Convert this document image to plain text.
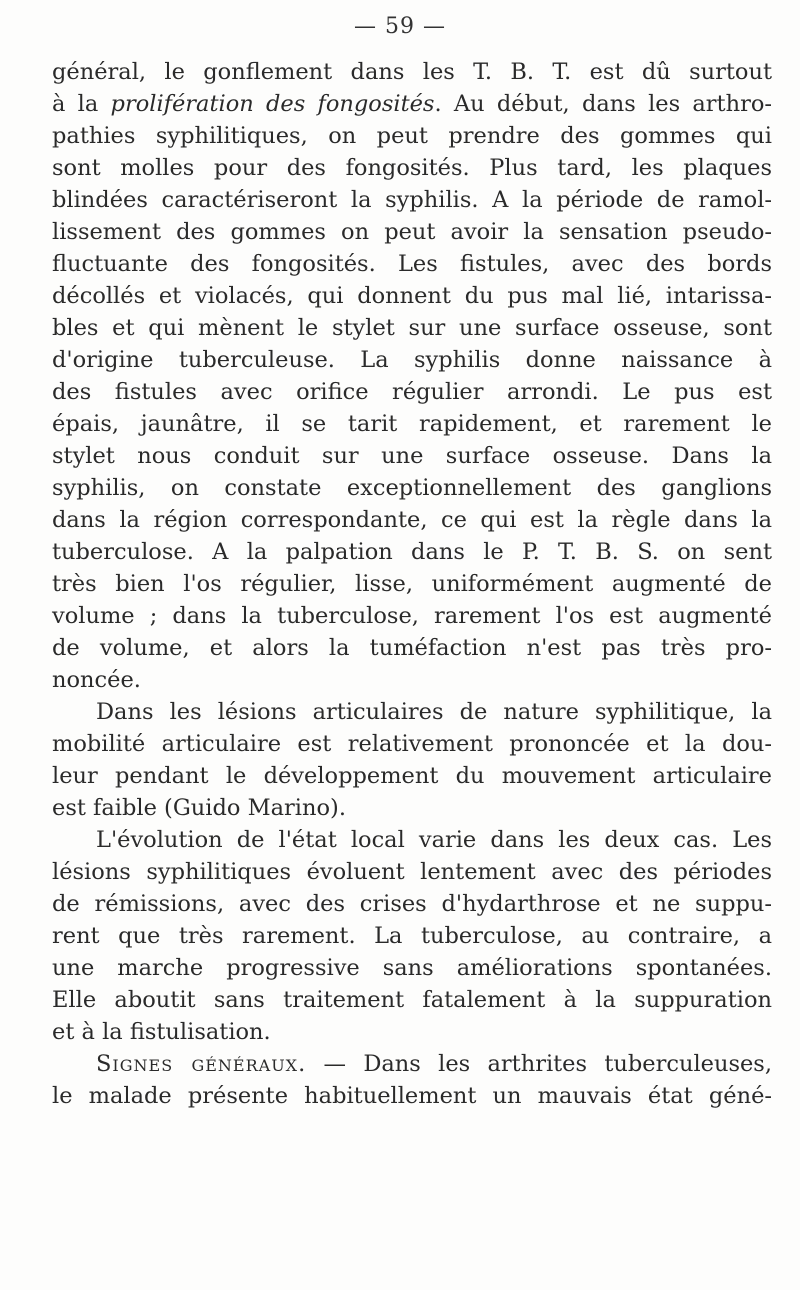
— 59 —
général, le gonflement dans les T. B. T. est dû surtout
à la prolifération des fongosités. Au début, dans les arthro-
pathies syphilitiques, on peut prendre des gommes qui
sont molles pour des fongosités. Plus tard, les plaques
blindées caractériseront la syphilis. A la période de ramol-
lissement des gommes on peut avoir la sensation pseudo-
fluctuante des fongosités. Les fistules, avec des bords
décollés et violacés, qui donnent du pus mal lié, intarissa-
bles et qui mènent le stylet sur une surface osseuse, sont
d'origine tuberculeuse. La syphilis donne naissance à
des fistules avec orifice régulier arrondi. Le pus est
épais, jaunâtre, il se tarit rapidement, et rarement le
stylet nous conduit sur une surface osseuse. Dans la
syphilis, on constate exceptionnellement des ganglions
dans la région correspondante, ce qui est la règle dans la
tuberculose. A la palpation dans le P. T. B. S. on sent
très bien l'os régulier, lisse, uniformément augmenté de
volume ; dans la tuberculose, rarement l'os est augmenté
de volume, et alors la tuméfaction n'est pas très pro-
noncée.
Dans les lésions articulaires de nature syphilitique, la
mobilité articulaire est relativement prononcée et la dou-
leur pendant le développement du mouvement articulaire
est faible (Guido Marino).
L'évolution de l'état local varie dans les deux cas. Les
lésions syphilitiques évoluent lentement avec des périodes
de rémissions, avec des crises d'hydarthrose et ne suppu-
rent que très rarement. La tuberculose, au contraire, a
une marche progressive sans améliorations spontanées.
Elle aboutit sans traitement fatalement à la suppuration
et à la fistulisation.
Signes généraux. — Dans les arthrites tuberculeuses,
le malade présente habituellement un mauvais état géné-
